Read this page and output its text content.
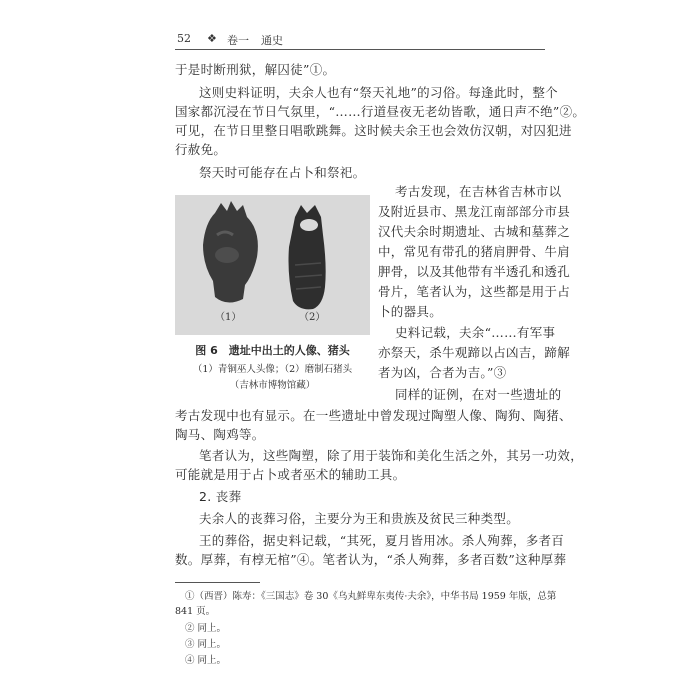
52 ❖ 卷一 通史
于是时断刑狱，解囚徒”①。
这则史料证明，夫余人也有“祭天礼地”的习俗。每逢此时，整个
国家都沉浸在节日气氛里，“……行道昼夜无老幼皆歌，通日声不绝”②。
可见，在节日里整日唱歌跳舞。这时候夫余王也会效仿汉朝，对囚犯进
行赦免。
祭天时可能存在占卜和祭祀。
（1）	（2）
图 6　遗址中出土的人像、猪头
（1）青铜巫人头像；（2）磨制石猪头
（吉林市博物馆藏）
考古发现，在吉林省吉林市以
及附近县市、黑龙江南部部分市县
汉代夫余时期遗址、古城和墓葬之
中，常见有带孔的猪肩胛骨、牛肩
胛骨，以及其他带有半透孔和透孔
骨片，笔者认为，这些都是用于占
卜的器具。
史料记载，夫余“……有军事
亦祭天，杀牛观蹄以占凶吉，蹄解
者为凶，合者为吉。”③
同样的证例，在对一些遗址的
考古发现中也有显示。在一些遗址中曾发现过陶塑人像、陶狗、陶猪、
陶马、陶鸡等。
笔者认为，这些陶塑，除了用于装饰和美化生活之外，其另一功效，
可能就是用于占卜或者巫术的辅助工具。
2. 丧葬
夫余人的丧葬习俗，主要分为王和贵族及贫民三种类型。
王的葬俗，据史料记载，“其死，夏月皆用冰。杀人殉葬，多者百
数。厚葬，有椁无棺”④。笔者认为，“杀人殉葬，多者百数”这种厚葬
①（西晋）陈寿：《三国志》卷 30《乌丸鲜卑东夷传·夫余》，中华书局 1959 年版，总第
841 页。
② 同上。
③ 同上。
④ 同上。
